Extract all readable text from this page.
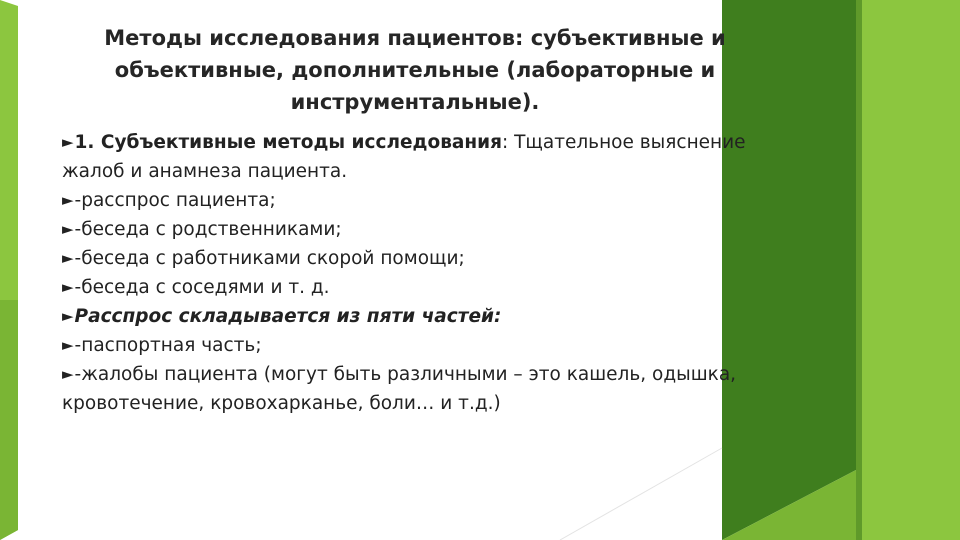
Методы исследования пациентов: субъективные и
объективные, дополнительные (лабораторные и
инструментальные).
►1. Субъективные методы исследования: Тщательное выяснение
жалоб и анамнеза пациента.
►-расспрос пациента;
►-беседа с родственниками;
►-беседа с работниками скорой помощи;
►-беседа с соседями и т. д.
►Расспрос складывается из пяти частей:
►-паспортная часть;
►-жалобы пациента (могут быть различными – это кашель, одышка,
кровотечение, кровохарканье, боли… и т.д.)
